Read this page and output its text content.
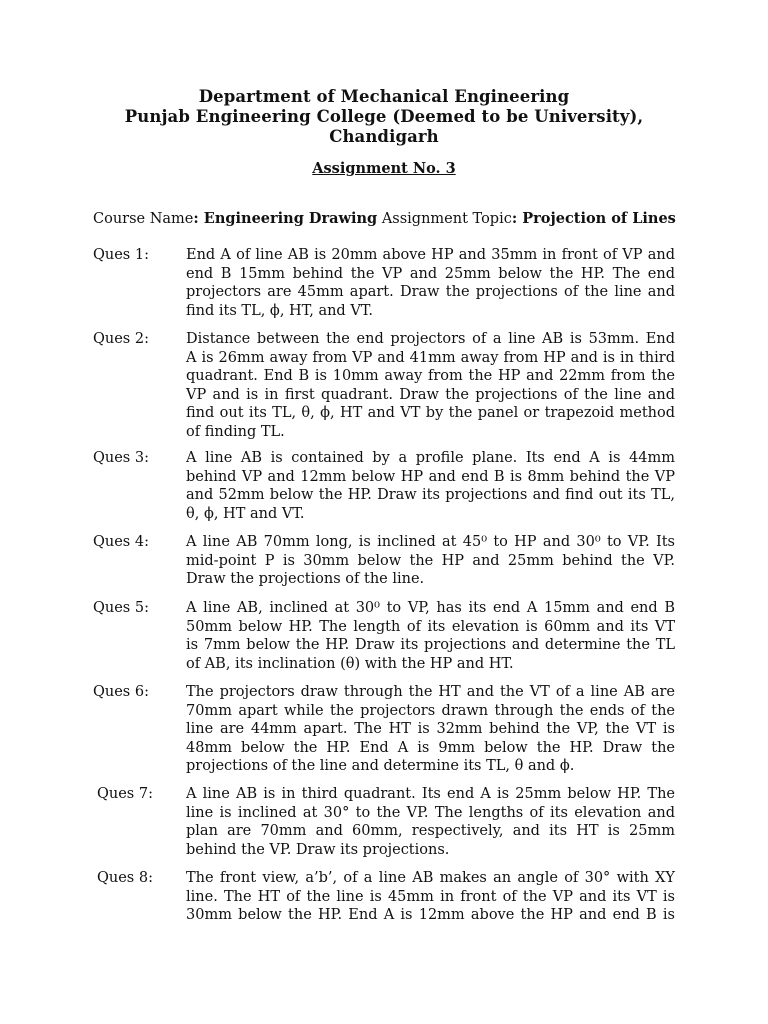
Department of Mechanical Engineering
Punjab Engineering College (Deemed to be University),
Chandigarh
Assignment No. 3
Course Name: Engineering Drawing Assignment Topic: Projection of Lines
Ques 1:	End A of line AB is 20mm above HP and 35mm in front of VP and
end B 15mm behind the VP and 25mm below the HP. The end
projectors are 45mm apart. Draw the projections of the line and
find its TL, ϕ, HT, and VT.
Ques 2:	Distance between the end projectors of a line AB is 53mm. End
A is 26mm away from VP and 41mm away from HP and is in third
quadrant. End B is 10mm away from the HP and 22mm from the
VP and is in first quadrant. Draw the projections of the line and
find out its TL, θ, ϕ, HT and VT by the panel or trapezoid method
of finding TL.
Ques 3:	A line AB is contained by a profile plane. Its end A is 44mm
behind VP and 12mm below HP and end B is 8mm behind the VP
and 52mm below the HP. Draw its projections and find out its TL,
θ, ϕ, HT and VT.
Ques 4:	A line AB 70mm long, is inclined at 45⁰ to HP and 30⁰ to VP. Its
mid-point P is 30mm below the HP and 25mm behind the VP.
Draw the projections of the line.
Ques 5:	A line AB, inclined at 30⁰ to VP, has its end A 15mm and end B
50mm below HP. The length of its elevation is 60mm and its VT
is 7mm below the HP. Draw its projections and determine the TL
of AB, its inclination (θ) with the HP and HT.
Ques 6:	The projectors draw through the HT and the VT of a line AB are
70mm apart while the projectors drawn through the ends of the
line are 44mm apart. The HT is 32mm behind the VP, the VT is
48mm below the HP. End A is 9mm below the HP. Draw the
projections of the line and determine its TL, θ and ϕ.
Ques 7: A line AB is in third quadrant. Its end A is 25mm below HP. The
line is inclined at 30° to the VP. The lengths of its elevation and
plan are 70mm and 60mm, respectively, and its HT is 25mm
behind the VP. Draw its projections.
Ques 8: The front view, a’b’, of a line AB makes an angle of 30° with XY
line. The HT of the line is 45mm in front of the VP and its VT is
30mm below the HP. End A is 12mm above the HP and end B is
